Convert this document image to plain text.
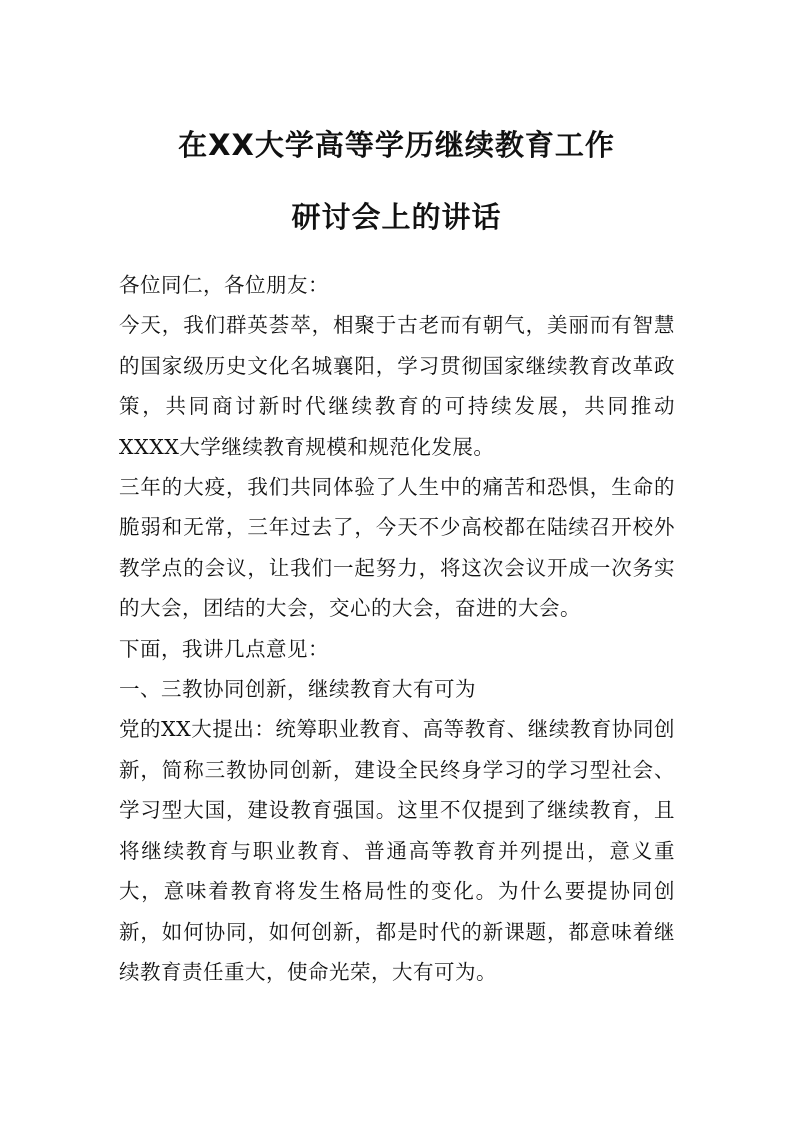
在XX大学高等学历继续教育工作
研讨会上的讲话

各位同仁，各位朋友：

今天，我们群英荟萃，相聚于古老而有朝气，美丽而有智慧的国家级历史文化名城襄阳，学习贯彻国家继续教育改革政策，共同商讨新时代继续教育的可持续发展，共同推动XXXX大学继续教育规模和规范化发展。

三年的大疫，我们共同体验了人生中的痛苦和恐惧，生命的脆弱和无常，三年过去了，今天不少高校都在陆续召开校外教学点的会议，让我们一起努力，将这次会议开成一次务实的大会，团结的大会，交心的大会，奋进的大会。

下面，我讲几点意见：

一、三教协同创新，继续教育大有可为

党的XX大提出：统筹职业教育、高等教育、继续教育协同创新，简称三教协同创新，建设全民终身学习的学习型社会、学习型大国，建设教育强国。这里不仅提到了继续教育，且将继续教育与职业教育、普通高等教育并列提出，意义重大，意味着教育将发生格局性的变化。为什么要提协同创新，如何协同，如何创新，都是时代的新课题，都意味着继续教育责任重大，使命光荣，大有可为。
